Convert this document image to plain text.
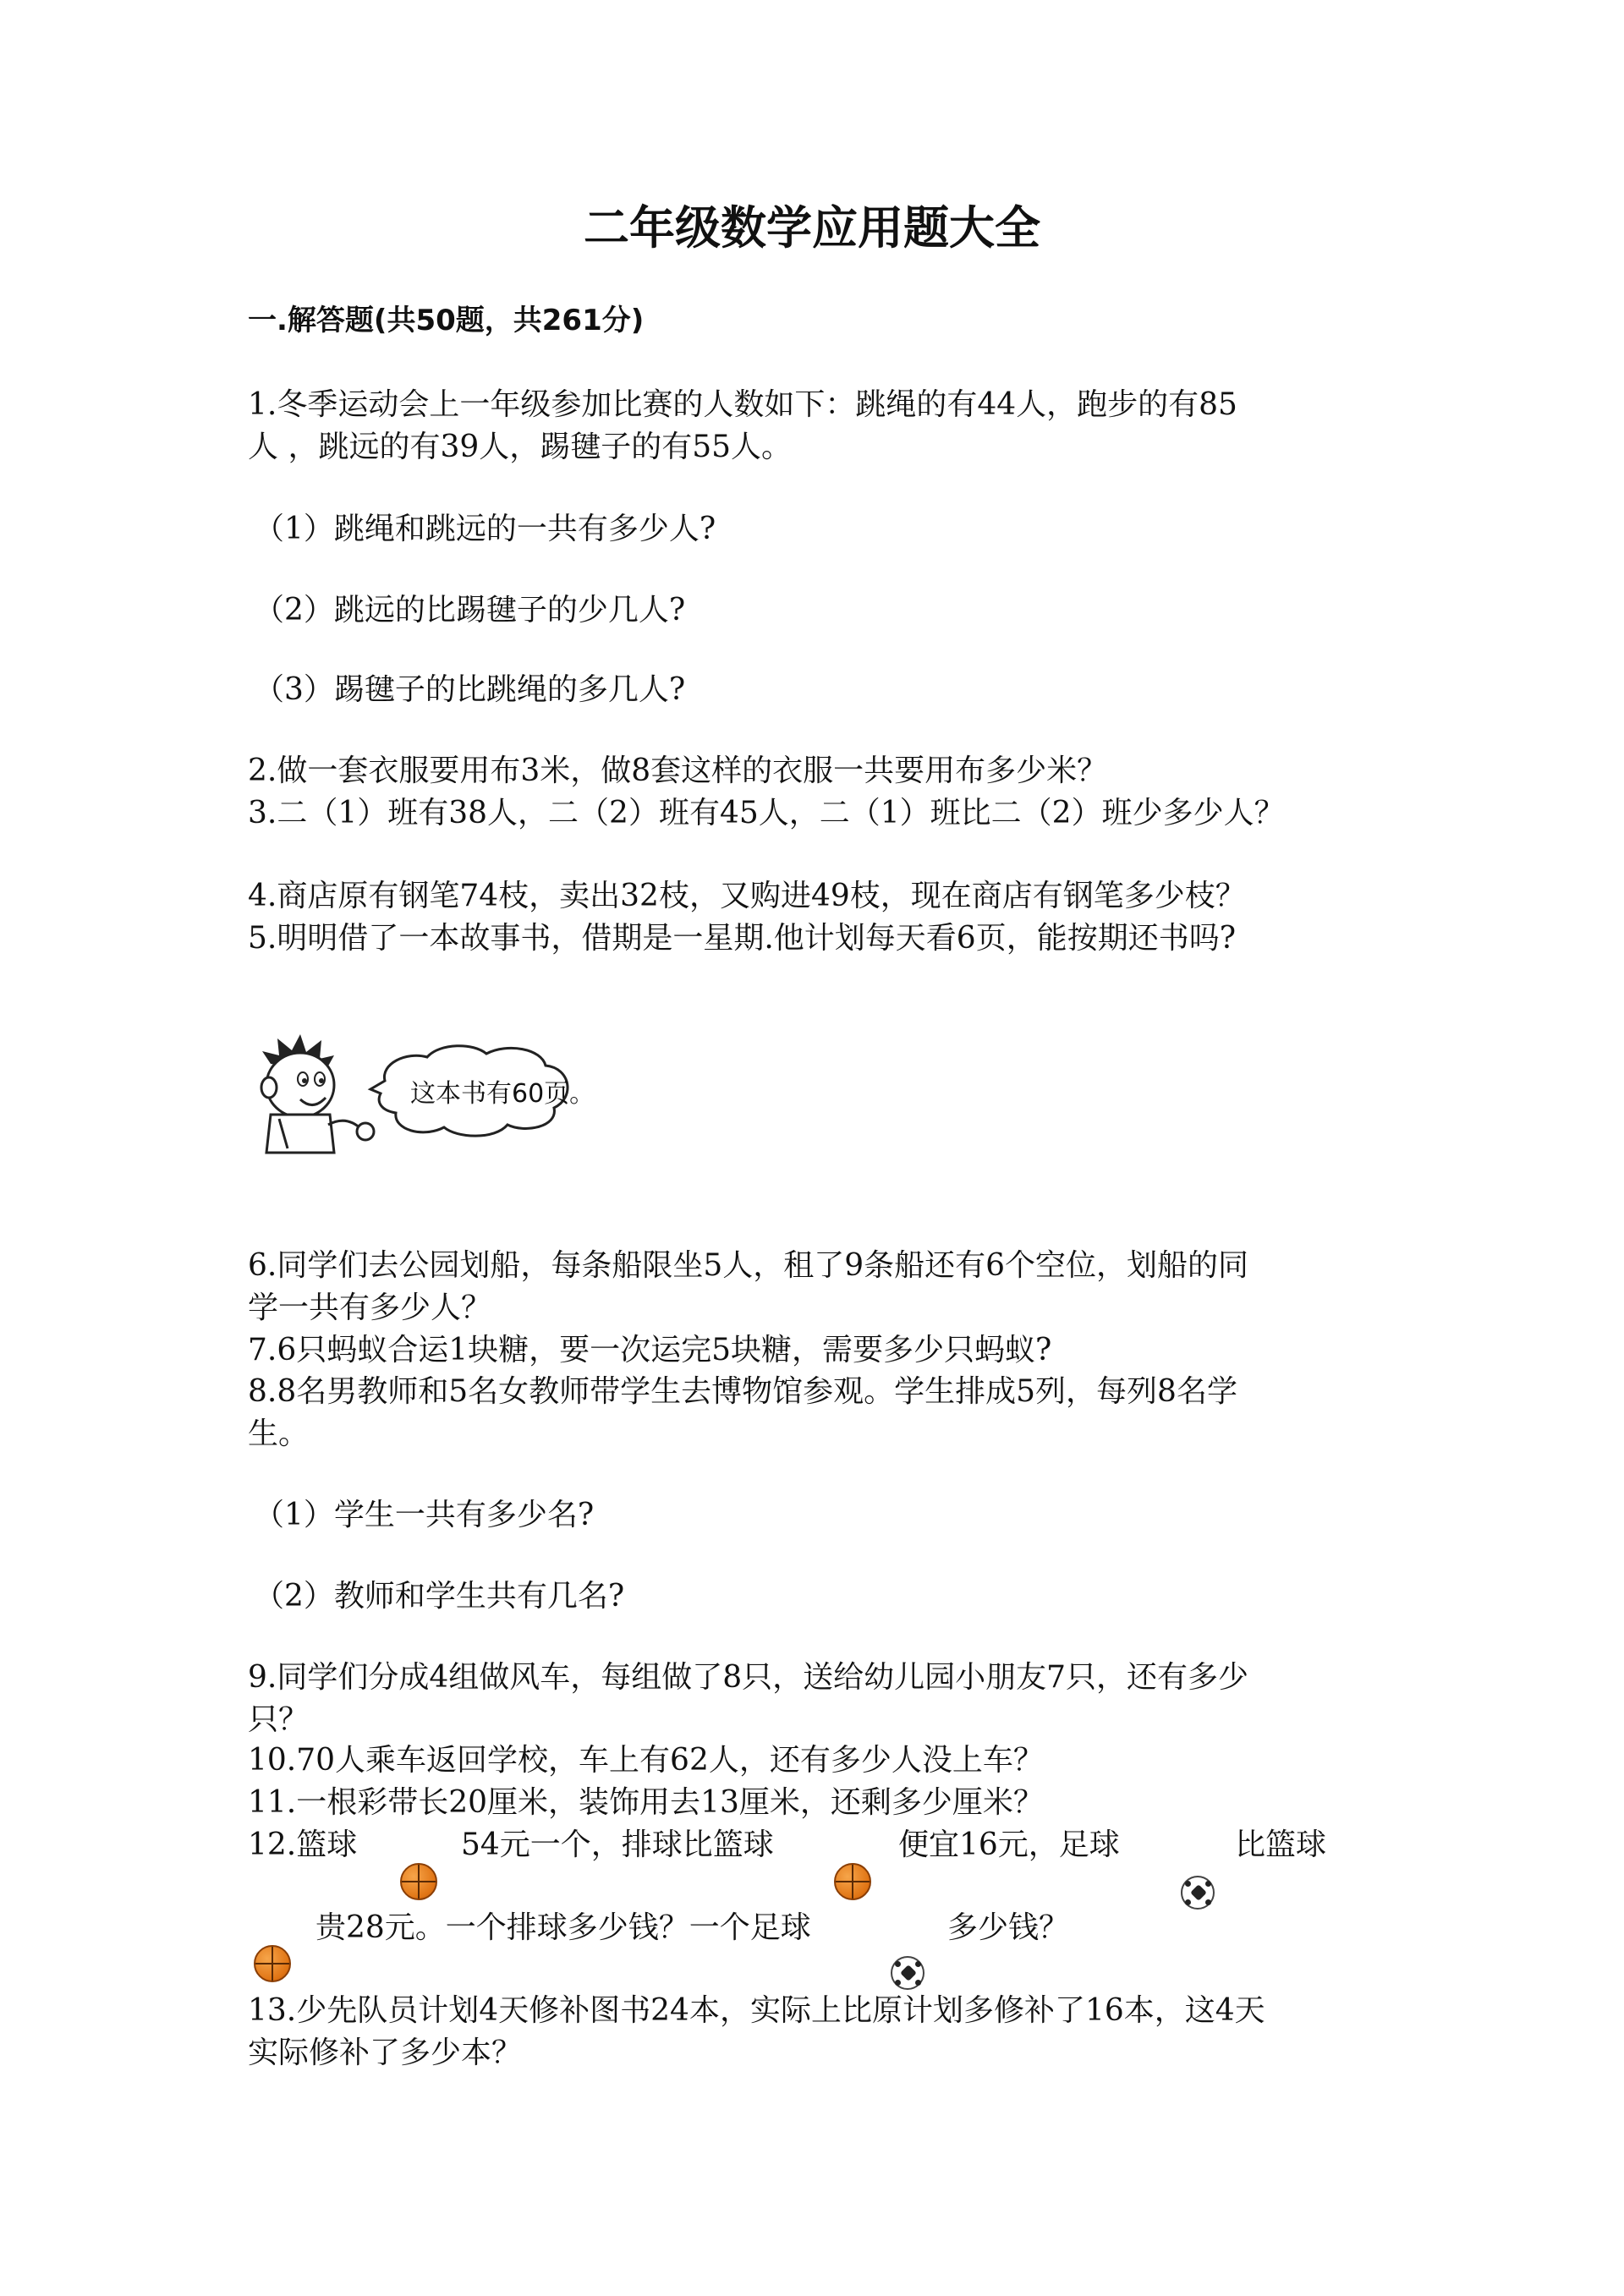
二年级数学应用题大全
一.解答题(共50题，共261分)
1.冬季运动会上一年级参加比赛的人数如下：跳绳的有44人，跑步的有85
人 ，跳远的有39人，踢毽子的有55人。
（1）跳绳和跳远的一共有多少人?
（2）跳远的比踢毽子的少几人?
（3）踢毽子的比跳绳的多几人?
2.做一套衣服要用布3米，做8套这样的衣服一共要用布多少米？
3.二（1）班有38人，二（2）班有45人，二（1）班比二（2）班少多少人？
4.商店原有钢笔74枝，卖出32枝，又购进49枝，现在商店有钢笔多少枝？
5.明明借了一本故事书，借期是一星期.他计划每天看6页，能按期还书吗?
这本书有60页。
6.同学们去公园划船，每条船限坐5人，租了9条船还有6个空位，划船的同
学一共有多少人？
7.6只蚂蚁合运1块糖，要一次运完5块糖，需要多少只蚂蚁?
8.8名男教师和5名女教师带学生去博物馆参观。学生排成5列，每列8名学
生。
（1）学生一共有多少名?
（2）教师和学生共有几名?
9.同学们分成4组做风车，每组做了8只，送给幼儿园小朋友7只，还有多少
只？
10.70人乘车返回学校，车上有62人，还有多少人没上车？
11.一根彩带长20厘米，装饰用去13厘米，还剩多少厘米？
12.篮球	54元一个，排球比篮球	便宜16元，足球	比篮球
贵28元。一个排球多少钱？一个足球	多少钱？
13.少先队员计划4天修补图书24本，实际上比原计划多修补了16本，这4天
实际修补了多少本？
